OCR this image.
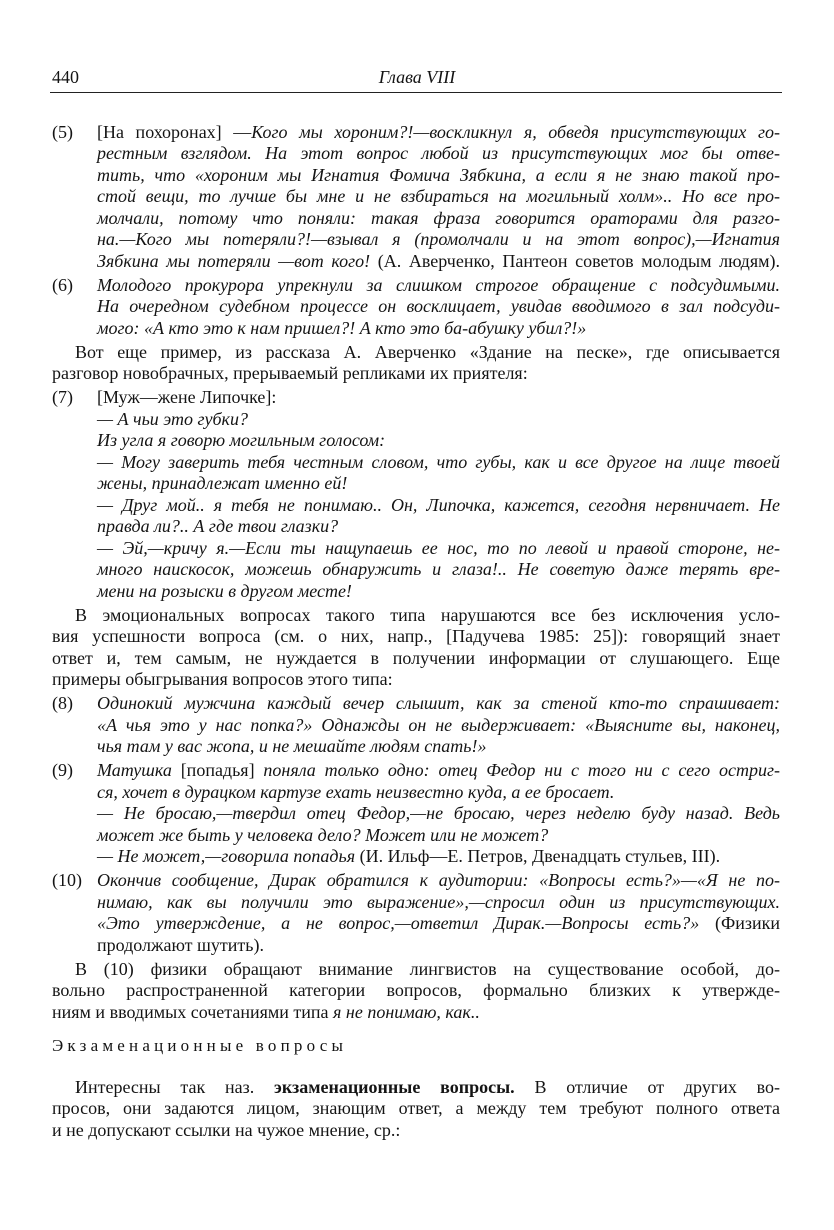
440	Глава VIII
(5) [На похоронах] —Кого мы хороним?!—воскликнул я, обведя присутствующих го-
рестным взглядом. На этот вопрос любой из присутствующих мог бы отве-
тить, что «хороним мы Игнатия Фомича Зябкина, а если я не знаю такой про-
стой вещи, то лучше бы мне и не взбираться на могильный холм».. Но все про-
молчали, потому что поняли: такая фраза говорится ораторами для разго-
на.—Кого мы потеряли?!—взывал я (промолчали и на этот вопрос),—Игнатия
Зябкина мы потеряли —вот кого! (А. Аверченко, Пантеон советов молодым людям).
(6) Молодого прокурора упрекнули за слишком строгое обращение с подсудимыми.
На очередном судебном процессе он восклицает, увидав вводимого в зал подсуди-
мого: «А кто это к нам пришел?! А кто это ба-абушку убил?!»
Вот еще пример, из рассказа А. Аверченко «Здание на песке», где описывается
разговор новобрачных, прерываемый репликами их приятеля:
(7) [Муж—жене Липочке]:
— А чьи это губки?
Из угла я говорю могильным голосом:
— Могу заверить тебя честным словом, что губы, как и все другое на лице твоей
жены, принадлежат именно ей!
— Друг мой.. я тебя не понимаю.. Он, Липочка, кажется, сегодня нервничает. Не
правда ли?.. А где твои глазки?
— Эй,—кричу я.—Если ты нащупаешь ее нос, то по левой и правой стороне, не-
много наискосок, можешь обнаружить и глаза!.. Не советую даже терять вре-
мени на розыски в другом месте!
В эмоциональных вопросах такого типа нарушаются все без исключения усло-
вия успешности вопроса (см. о них, напр., [Падучева 1985: 25]): говорящий знает
ответ и, тем самым, не нуждается в получении информации от слушающего. Еще
примеры обыгрывания вопросов этого типа:
(8) Одинокий мужчина каждый вечер слышит, как за стеной кто-то спрашивает:
«А чья это у нас попка?» Однажды он не выдерживает: «Выясните вы, наконец,
чья там у вас жопа, и не мешайте людям спать!»
(9) Матушка [попадья] поняла только одно: отец Федор ни с того ни с сего остриг-
ся, хочет в дурацком картузе ехать неизвестно куда, а ее бросает.
— Не бросаю,—твердил отец Федор,—не бросаю, через неделю буду назад. Ведь
может же быть у человека дело? Может или не может?
— Не может,—говорила попадья (И. Ильф—Е. Петров, Двенадцать стульев, III).
(10) Окончив сообщение, Дирак обратился к аудитории: «Вопросы есть?»—«Я не по-
нимаю, как вы получили это выражение»,—спросил один из присутствующих.
«Это утверждение, а не вопрос,—ответил Дирак.—Вопросы есть?» (Физики
продолжают шутить).
В (10) физики обращают внимание лингвистов на существование особой, до-
вольно распространенной категории вопросов, формально близких к утвержде-
ниям и вводимых сочетаниями типа я не понимаю, как..
Экзаменационные вопросы
Интересны так наз. экзаменационные вопросы. В отличие от других во-
просов, они задаются лицом, знающим ответ, а между тем требуют полного ответа
и не допускают ссылки на чужое мнение, ср.:
